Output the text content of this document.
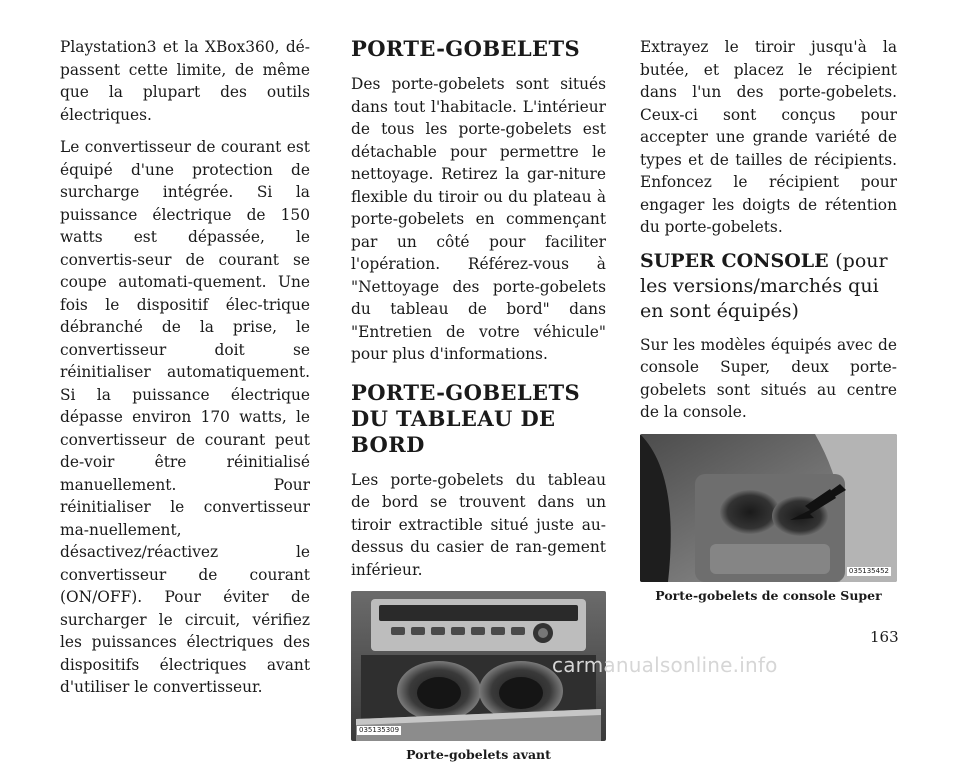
Playstation3 et la XBox360, dé-passent cette limite, de même que la plupart des outils électriques.

Le convertisseur de courant est équipé d'une protection de surcharge intégrée. Si la puissance électrique de 150 watts est dépassée, le convertis-seur de courant se coupe automati-quement. Une fois le dispositif élec-trique débranché de la prise, le convertisseur doit se réinitialiser automatiquement. Si la puissance électrique dépasse environ 170 watts, le convertisseur de courant peut de-voir être réinitialisé manuellement. Pour réinitialiser le convertisseur ma-nuellement, désactivez/réactivez le convertisseur de courant (ON/OFF). Pour éviter de surcharger le circuit, vérifiez les puissances électriques des dispositifs électriques avant d'utiliser le convertisseur.

PORTE-GOBELETS

Des porte-gobelets sont situés dans tout l'habitacle. L'intérieur de tous les porte-gobelets est détachable pour permettre le nettoyage. Retirez la gar-niture flexible du tiroir ou du plateau à porte-gobelets en commençant par un côté pour faciliter l'opération. Référez-vous à "Nettoyage des porte-gobelets du tableau de bord" dans "Entretien de votre véhicule" pour plus d'informations.

PORTE-GOBELETS DU TABLEAU DE BORD

Les porte-gobelets du tableau de bord se trouvent dans un tiroir extractible situé juste au-dessus du casier de ran-gement inférieur.

035135309
Porte-gobelets avant

Extrayez le tiroir jusqu'à la butée, et placez le récipient dans l'un des porte-gobelets. Ceux-ci sont conçus pour accepter une grande variété de types et de tailles de récipients. Enfoncez le récipient pour engager les doigts de rétention du porte-gobelets.

SUPER CONSOLE (pour les versions/marchés qui en sont équipés)

Sur les modèles équipés avec de console Super, deux porte-gobelets sont situés au centre de la console.

035135452
Porte-gobelets de console Super
163
carmanualsonline.info
